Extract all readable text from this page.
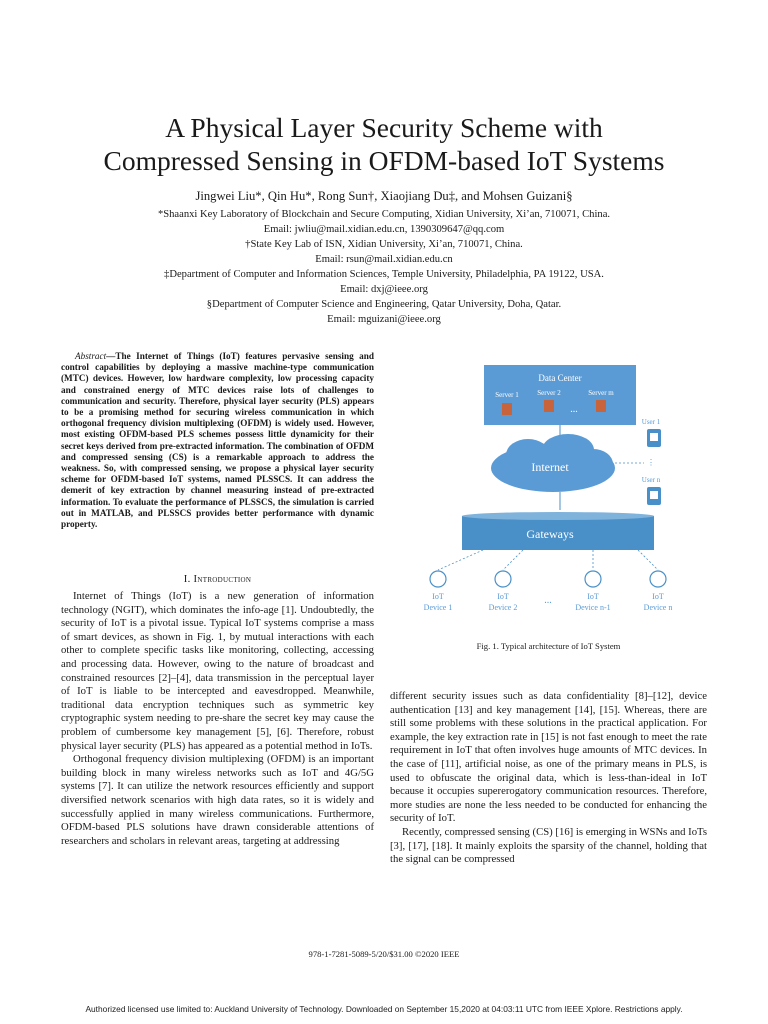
A Physical Layer Security Scheme with
Compressed Sensing in OFDM-based IoT Systems
Jingwei Liu*, Qin Hu*, Rong Sun†, Xiaojiang Du‡, and Mohsen Guizani§
*Shaanxi Key Laboratory of Blockchain and Secure Computing, Xidian University, Xi’an, 710071, China.
Email: jwliu@mail.xidian.edu.cn, 1390309647@qq.com
†State Key Lab of ISN, Xidian University, Xi’an, 710071, China.
Email: rsun@mail.xidian.edu.cn
‡Department of Computer and Information Sciences, Temple University, Philadelphia, PA 19122, USA.
Email: dxj@ieee.org
§Department of Computer Science and Engineering, Qatar University, Doha, Qatar.
Email: mguizani@ieee.org
Abstract—The Internet of Things (IoT) features pervasive sensing and control capabilities by deploying a massive machine-type communication (MTC) devices. However, low hardware complexity, low processing capacity and constrained energy of MTC devices raise lots of challenges to communication and security. Therefore, physical layer security (PLS) appears to be a promising method for securing wireless communication in which orthogonal frequency division multiplexing (OFDM) is widely used. However, most existing OFDM-based PLS schemes possess little dynamicity for their secret keys derived from pre-extracted information. The combination of OFDM and compressed sensing (CS) is a remarkable approach to address the weakness. So, with compressed sensing, we propose a physical layer security scheme for OFDM-based IoT systems, named PLSSCS. It can address the demerit of key extraction by channel measuring instead of pre-extracted information. To evaluate the performance of PLSSCS, the simulation is carried out in MATLAB, and PLSSCS provides better performance with dynamic property.
I. Introduction

Internet of Things (IoT) is a new generation of information technology (NGIT), which dominates the info-age [1]. Undoubtedly, the security of IoT is a pivotal issue. Typical IoT systems comprise a mass of smart devices, as shown in Fig. 1, by mutual interactions with each other to complete specific tasks like monitoring, collecting, accessing and processing data. However, owing to the nature of broadcast and constrained resources [2]–[4], data transmission in the perceptual layer of IoT is liable to be intercepted and eavesdropped. Meanwhile, traditional data encryption techniques such as symmetric key cryptographic system needing to pre-share the secret key may cause the problem of cumbersome key management [5], [6]. Therefore, robust physical layer security (PLS) has appeared as a potential method in IoTs.

Orthogonal frequency division multiplexing (OFDM) is an important building block in many wireless networks such as IoT and 4G/5G systems [7]. It can utilize the network resources efficiently and support diversified network scenarios with high data rates, so it is widely and successfully applied in many wireless communications. Furthermore, OFDM-based PLS solutions have drawn considerable attentions of researchers and scholars in relevant areas, targeting at addressing

Data Center
Server 1	Server 2	Server m
...
Internet
User 1
⋮
User n
Gateways
IoT
Device 1
IoT
Device 2
...	IoT
Device n-1
IoT
Device n
Fig. 1. Typical architecture of IoT System

different security issues such as data confidentiality [8]–[12], device authentication [13] and key management [14], [15]. Whereas, there are still some problems with these solutions in the practical application. For example, the key extraction rate in [15] is not fast enough to meet the rate requirement in IoT that often involves huge amounts of MTC devices. In the case of [11], artificial noise, as one of the primary means in PLS, is used to obfuscate the original data, which is less-than-ideal in IoT because it occupies supererogatory communication resources. Therefore, more studies are none the less needed to be conducted for enhancing the security of IoT.

Recently, compressed sensing (CS) [16] is emerging in WSNs and IoTs [3], [17], [18]. It mainly exploits the sparsity of the channel, holding that the signal can be compressed

978-1-7281-5089-5/20/$31.00 ©2020 IEEE
Authorized licensed use limited to: Auckland University of Technology. Downloaded on September 15,2020 at 04:03:11 UTC from IEEE Xplore. Restrictions apply.
